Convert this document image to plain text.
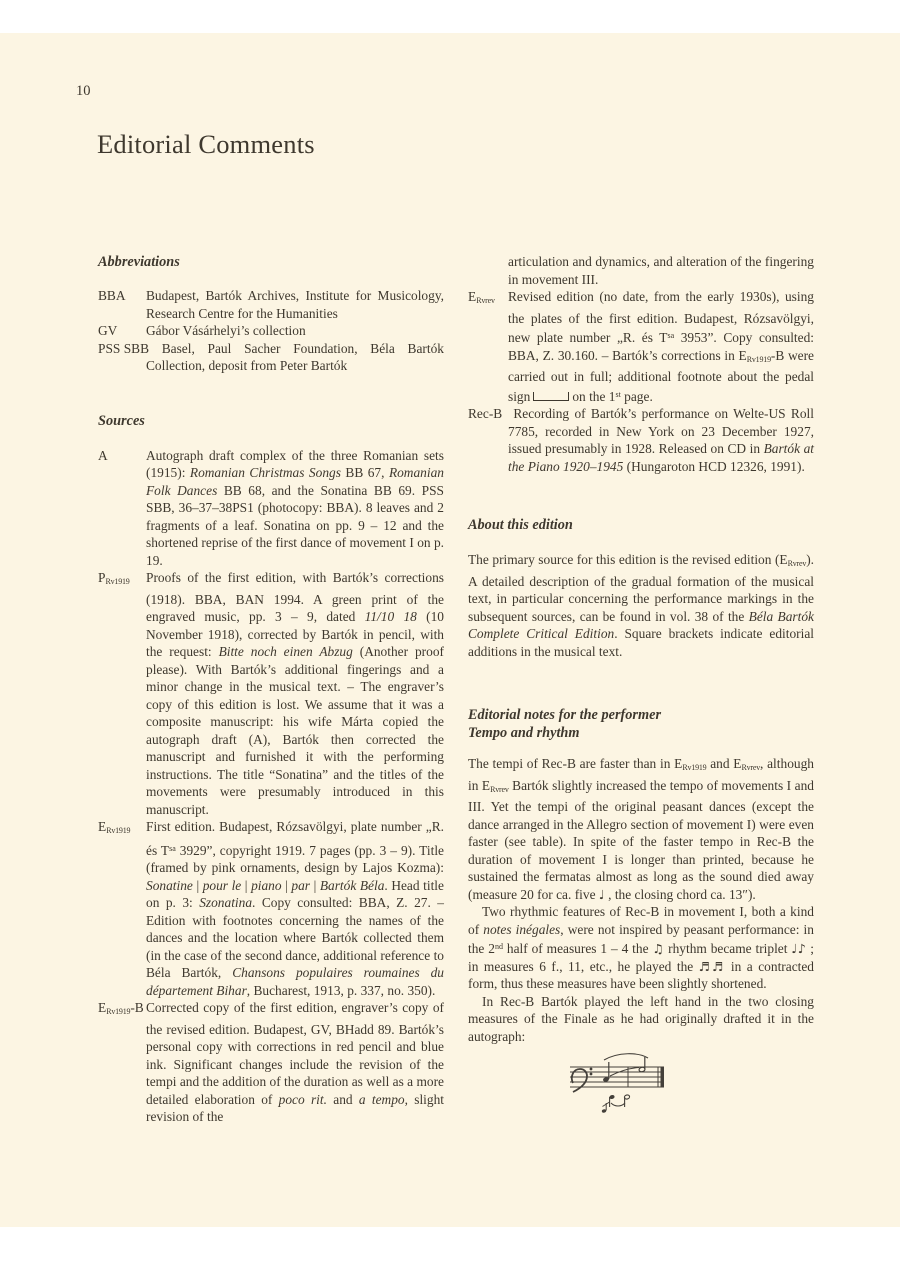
10
Editorial Comments
Abbreviations

BBA Budapest, Bartók Archives, Institute for Musicology, Research Centre for the Humanities

GV Gábor Vásárhelyi’s collection

PSS SBB Basel, Paul Sacher Foundation, Béla Bartók Collection, deposit from Peter Bartók

Sources

A	Autograph draft complex of the three Romanian sets (1915): Romanian Christmas Songs BB 67, Romanian Folk Dances BB 68, and the Sonatina BB 69. PSS SBB, 36–37–38PS1 (photocopy: BBA). 8 leaves and 2 fragments of a leaf. Sonatina on pp. 9 – 12 and the shortened reprise of the first dance of movement I on p. 19.

PRv1919 Proofs of the first edition, with Bartók’s corrections (1918). BBA, BAN 1994. A green print of the engraved music, pp. 3 – 9, dated 11/10 18 (10 November 1918), corrected by Bartók in pencil, with the request: Bitte noch einen Abzug (Another proof please). With Bartók’s additional fingerings and a minor change in the musical text. – The engraver’s copy of this edition is lost. We assume that it was a composite manuscript: his wife Márta copied the autograph draft (A), Bartók then corrected the manuscript and furnished it with the performing instructions. The title “Sonatina” and the titles of the movements were presumably introduced in this manuscript.

ERv1919 First edition. Budapest, Rózsavölgyi, plate number „R. és $T^{sa}$ 3929”, copyright 1919. 7 pages (pp. 3 – 9). Title (framed by pink ornaments, design by Lajos Kozma): Sonatine | pour le | piano | par | Bartók Béla. Head title on p. 3: Szonatina. Copy consulted: BBA, Z. 27. – Edition with footnotes concerning the names of the dances and the location where Bartók collected them (in the case of the second dance, additional reference to Béla Bartók, Chansons populaires roumaines du département Bihar, Bucharest, 1913, p. 337, no. 350).

ERv1919-B Corrected copy of the first edition, engraver’s copy of the revised edition. Budapest, GV, BHadd 89. Bartók’s personal copy with corrections in red pencil and blue ink. Significant changes include the revision of the tempi and the addition of the duration as well as a more detailed elaboration of poco rit. and a tempo, slight revision of the

articulation and dynamics, and alteration of the fingering in movement III.

ERvrev Revised edition (no date, from the early 1930s), using the plates of the first edition. Budapest, Rózsavölgyi, new plate number „R. és $T^{sa}$ 3953”. Copy consulted: BBA, Z. 30.160. – Bartók’s corrections in ERv1919-B were carried out in full; additional footnote about the pedal sign	on the 1st page.

Rec-B Recording of Bartók’s performance on Welte-US Roll 7785, recorded in New York on 23 December 1927, issued presumably in 1928. Released on CD in Bartók at the Piano 1920–1945 (Hungaroton HCD 12326, 1991).

About this edition

The primary source for this edition is the revised edition (ERvrev). A detailed description of the gradual formation of the musical text, in particular concerning the performance markings in the subsequent sources, can be found in vol. 38 of the Béla Bartók Complete Critical Edition. Square brackets indicate editorial additions in the musical text.

Editorial notes for the performer
Tempo and rhythm

The tempi of Rec-B are faster than in ERv1919 and ERvrev, although in ERvrev Bartók slightly increased the tempo of movements I and III. Yet the tempi of the original peasant dances (except the dance arranged in the Allegro section of movement I) were even faster (see table). In spite of the faster tempo in Rec-B the duration of movement I is longer than printed, because he sustained the fermatas almost as long as the sound died away (measure 20 for ca. five ♩ , the closing chord ca. 13″).

Two rhythmic features of Rec-B in movement I, both a kind of notes inégales, were not inspired by peasant performance: in the 2nd half of measures 1 – 4 the ♫ rhythm became triplet ♩♪ ; in measures 6 f., 11, etc., he played the ♬♬ in a contracted form, thus these measures have been slightly shortened.

In Rec-B Bartók played the left hand in the two closing measures of the Finale as he had originally drafted it in the autograph:
